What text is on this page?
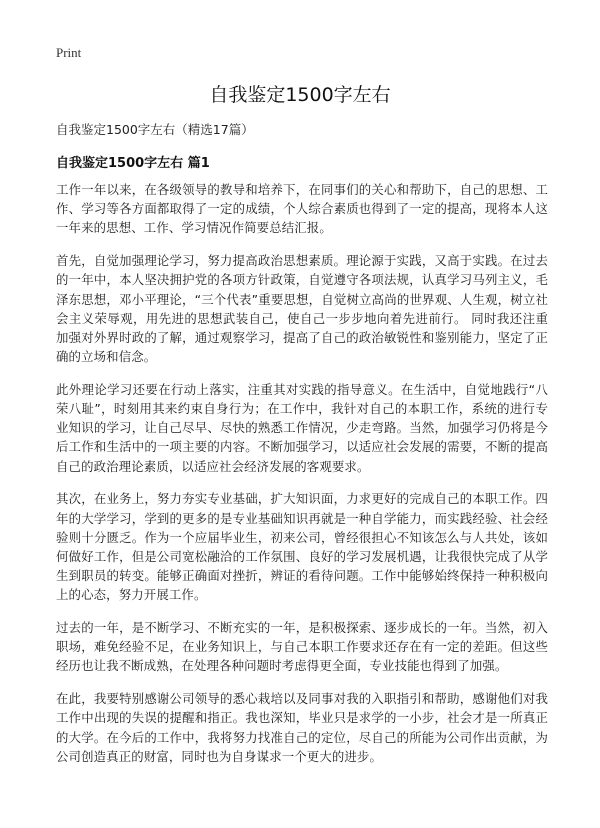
Print
自我鉴定1500字左右
自我鉴定1500字左右（精选17篇）
自我鉴定1500字左右 篇1

工作一年以来，在各级领导的教导和培养下，在同事们的关心和帮助下，自己的思想、工作、学习等各方面都取得了一定的成绩，个人综合素质也得到了一定的提高，现将本人这一年来的思想、工作、学习情况作简要总结汇报。

首先，自觉加强理论学习，努力提高政治思想素质。理论源于实践，又高于实践。在过去的一年中，本人坚决拥护党的各项方针政策，自觉遵守各项法规，认真学习马列主义，毛泽东思想，邓小平理论，“三个代表”重要思想，自觉树立高尚的世界观、人生观，树立社会主义荣辱观，用先进的思想武装自己，使自己一步步地向着先进前行。 同时我还注重加强对外界时政的了解，通过观察学习，提高了自己的政治敏锐性和鉴别能力，坚定了正确的立场和信念。

此外理论学习还要在行动上落实，注重其对实践的指导意义。在生活中，自觉地践行“八荣八耻”，时刻用其来约束自身行为；在工作中，我针对自己的本职工作，系统的进行专业知识的学习，让自己尽早、尽快的熟悉工作情况，少走弯路。当然，加强学习仍将是今后工作和生活中的一项主要的内容。不断加强学习，以适应社会发展的需要，不断的提高自己的政治理论素质，以适应社会经济发展的客观要求。

其次，在业务上，努力夯实专业基础，扩大知识面，力求更好的完成自己的本职工作。四年的大学学习，学到的更多的是专业基础知识再就是一种自学能力，而实践经验、社会经验则十分匮乏。作为一个应届毕业生，初来公司，曾经很担心不知该怎么与人共处，该如何做好工作，但是公司宽松融洽的工作氛围、良好的学习发展机遇，让我很快完成了从学生到职员的转变。能够正确面对挫折，辨证的看待问题。工作中能够始终保持一种积极向上的心态，努力开展工作。

过去的一年，是不断学习、不断充实的一年，是积极探索、逐步成长的一年。当然，初入职场，难免经验不足，在业务知识上，与自己本职工作要求还存在有一定的差距。但这些经历也让我不断成熟，在处理各种问题时考虑得更全面，专业技能也得到了加强。

在此，我要特别感谢公司领导的悉心栽培以及同事对我的入职指引和帮助，感谢他们对我工作中出现的失误的提醒和指正。我也深知，毕业只是求学的一小步，社会才是一所真正的大学。在今后的工作中，我将努力找准自己的定位，尽自己的所能为公司作出贡献，为公司创造真正的财富，同时也为自身谋求一个更大的进步。
